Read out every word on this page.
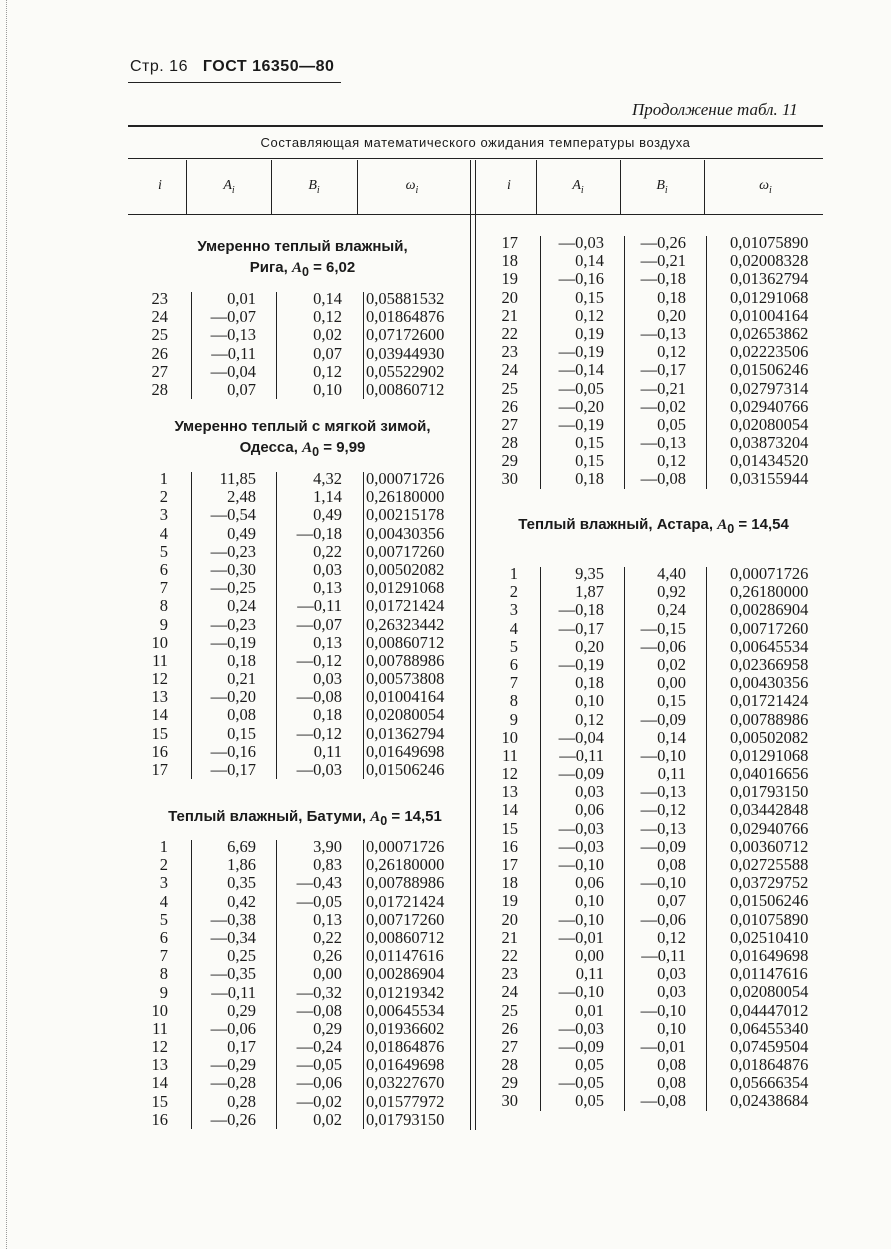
Стр. 16 ГОСТ 16350—80
Продолжение табл. 11
Составляющая математического ожидания температуры воздуха
i	$A_i$	$B_i$	$\omega_i$	i	$A_i$	$B_i$	$\omega_i$
Умеренно теплый влажный,
Рига, $A_0 = 6,02$
Умеренно теплый с мягкой зимой,
Одесса, $A_0 = 9,99$
Теплый влажный, Батуми, $A_0 = 14,51$
Теплый влажный, Астара, $A_0 = 14,54$
23	0,01	0,14 0,05881532
24	—0,07	0,12 0,01864876
25	—0,13	0,02 0,07172600
26	—0,11	0,07 0,03944930
27	—0,04	0,12 0,05522902
28	0,07	0,10 0,00860712
1	11,85	4,32 0,00071726
2	2,48	1,14 0,26180000
3	—0,54	0,49 0,00215178
4	0,49	—0,18 0,00430356
5	—0,23	0,22 0,00717260
6	—0,30	0,03 0,00502082
7	—0,25	0,13 0,01291068
8	0,24	—0,11 0,01721424
9	—0,23	—0,07 0,26323442
10	—0,19	0,13 0,00860712
11	0,18	—0,12 0,00788986
12	0,21	0,03 0,00573808
13	—0,20	—0,08 0,01004164
14	0,08	0,18 0,02080054
15	0,15	—0,12 0,01362794
16	—0,16	0,11 0,01649698
17	—0,17	—0,03 0,01506246
1	6,69	3,90 0,00071726
2	1,86	0,83 0,26180000
3	0,35	—0,43 0,00788986
4	0,42	—0,05 0,01721424
5	—0,38	0,13 0,00717260
6	—0,34	0,22 0,00860712
7	0,25	0,26 0,01147616
8	—0,35	0,00 0,00286904
9	—0,11	—0,32 0,01219342
10	0,29	—0,08 0,00645534
11	—0,06	0,29 0,01936602
12	0,17	—0,24 0,01864876
13	—0,29	—0,05 0,01649698
14	—0,28	—0,06 0,03227670
15	0,28	—0,02 0,01577972
16	—0,26	0,02 0,01793150
17	—0,03	—0,26	0,01075890
18	0,14	—0,21	0,02008328
19	—0,16	—0,18	0,01362794
20	0,15	0,18	0,01291068
21	0,12	0,20	0,01004164
22	0,19	—0,13	0,02653862
23	—0,19	0,12	0,02223506
24	—0,14	—0,17	0,01506246
25	—0,05	—0,21	0,02797314
26	—0,20	—0,02	0,02940766
27	—0,19	0,05	0,02080054
28	0,15	—0,13	0,03873204
29	0,15	0,12	0,01434520
30	0,18	—0,08	0,03155944
1	9,35	4,40	0,00071726
2	1,87	0,92	0,26180000
3	—0,18	0,24	0,00286904
4	—0,17	—0,15	0,00717260
5	0,20	—0,06	0,00645534
6	—0,19	0,02	0,02366958
7	0,18	0,00	0,00430356
8	0,10	0,15	0,01721424
9	0,12	—0,09	0,00788986
10	—0,04	0,14	0,00502082
11	—0,11	—0,10	0,01291068
12	—0,09	0,11	0,04016656
13	0,03	—0,13	0,01793150
14	0,06	—0,12	0,03442848
15	—0,03	—0,13	0,02940766
16	—0,03	—0,09	0,00360712
17	—0,10	0,08	0,02725588
18	0,06	—0,10	0,03729752
19	0,10	0,07	0,01506246
20	—0,10	—0,06	0,01075890
21	—0,01	0,12	0,02510410
22	0,00	—0,11	0,01649698
23	0,11	0,03	0,01147616
24	—0,10	0,03	0,02080054
25	0,01	—0,10	0,04447012
26	—0,03	0,10	0,06455340
27	—0,09	—0,01	0,07459504
28	0,05	0,08	0,01864876
29	—0,05	0,08	0,05666354
30	0,05	—0,08	0,02438684
